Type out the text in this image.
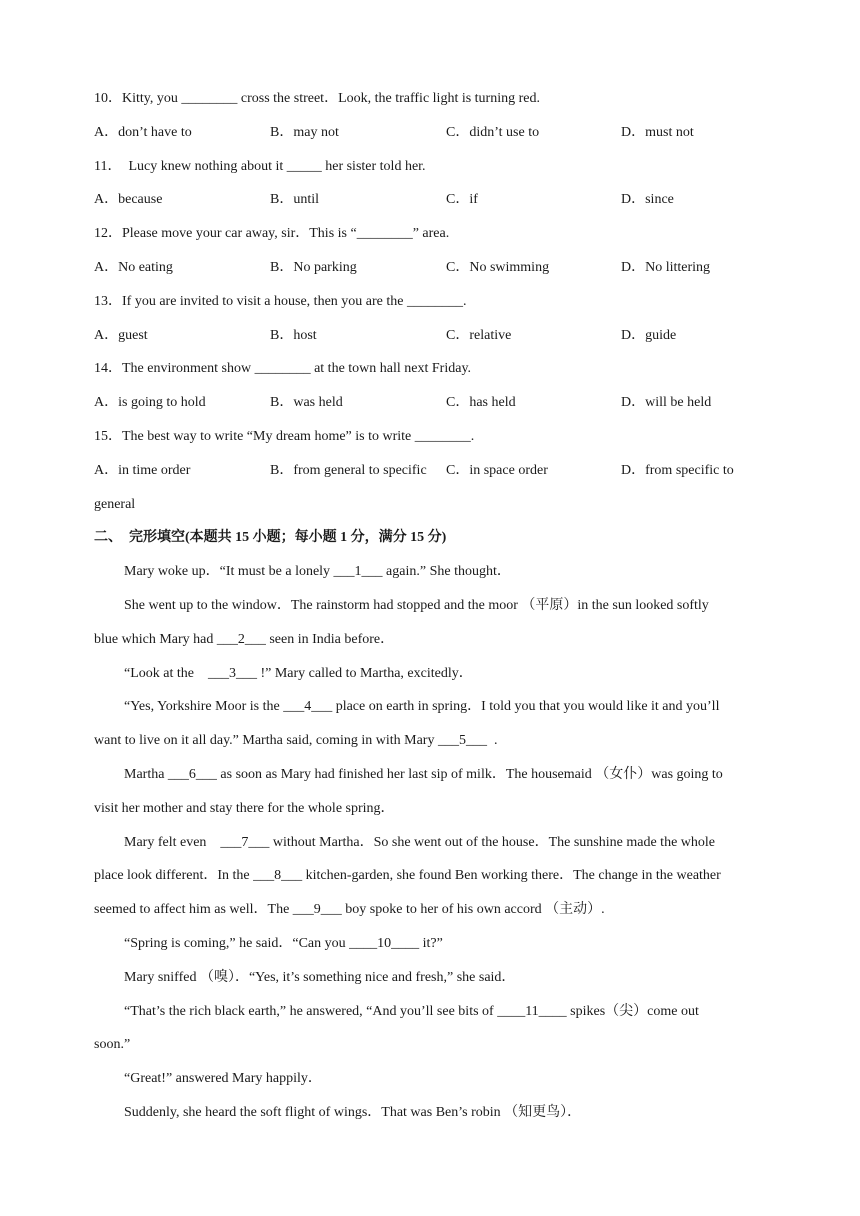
10．Kitty, you ________ cross the street．Look, the traffic light is turning red.

A．don’t have to

	B．may not

	C．didn’t use to

	D．must not

11．  Lucy knew nothing about it _____ her sister told her.

A．because

	B．until

	C．if

	D．since

12．Please move your car away, sir．This is “________” area.

A．No eating

	B．No parking

	C．No swimming

	D．No littering

13．If you are invited to visit a house, then you are the ________.

A．guest

	B．host

	C．relative

	D．guide

14．The environment show ________ at the town hall next Friday.

A．is going to hold

	B．was held

	C．has held

	D．will be held

15．The best way to write “My dream home” is to write ________.

A．in time order

	B．from general to specific

C．in space order

	D．from specific to

general
二、  完形填空(本题共 15 小题；每小题 1 分，满分 15 分)
Mary woke up．“It must be a lonely ___1___ again.” She thought．
She went up to the window．The rainstorm had stopped and the moor （平原）in the sun looked softly
blue which Mary had ___2___ seen in India before．
“Look at the    ___3___ !” Mary called to Martha, excitedly．
“Yes, Yorkshire Moor is the ___4___ place on earth in spring．I told you that you would like it and you’ll
want to live on it all day.” Martha said, coming in with Mary ___5___  .
Martha ___6___ as soon as Mary had finished her last sip of milk．The housemaid （女仆）was going to
visit her mother and stay there for the whole spring．
Mary felt even    ___7___ without Martha．So she went out of the house．The sunshine made the whole
place look different．In the ___8___ kitchen-garden, she found Ben working there．The change in the weather
seemed to affect him as well．The ___9___ boy spoke to her of his own accord （主动）.
“Spring is coming,” he said．“Can you ____10____ it?”
Mary sniffed （嗅）．“Yes, it’s something nice and fresh,” she said．
“That’s the rich black earth,” he answered, “And you’ll see bits of ____11____ spikes（尖）come out
soon.”
“Great!” answered Mary happily．
Suddenly, she heard the soft flight of wings．That was Ben’s robin （知更鸟）．
